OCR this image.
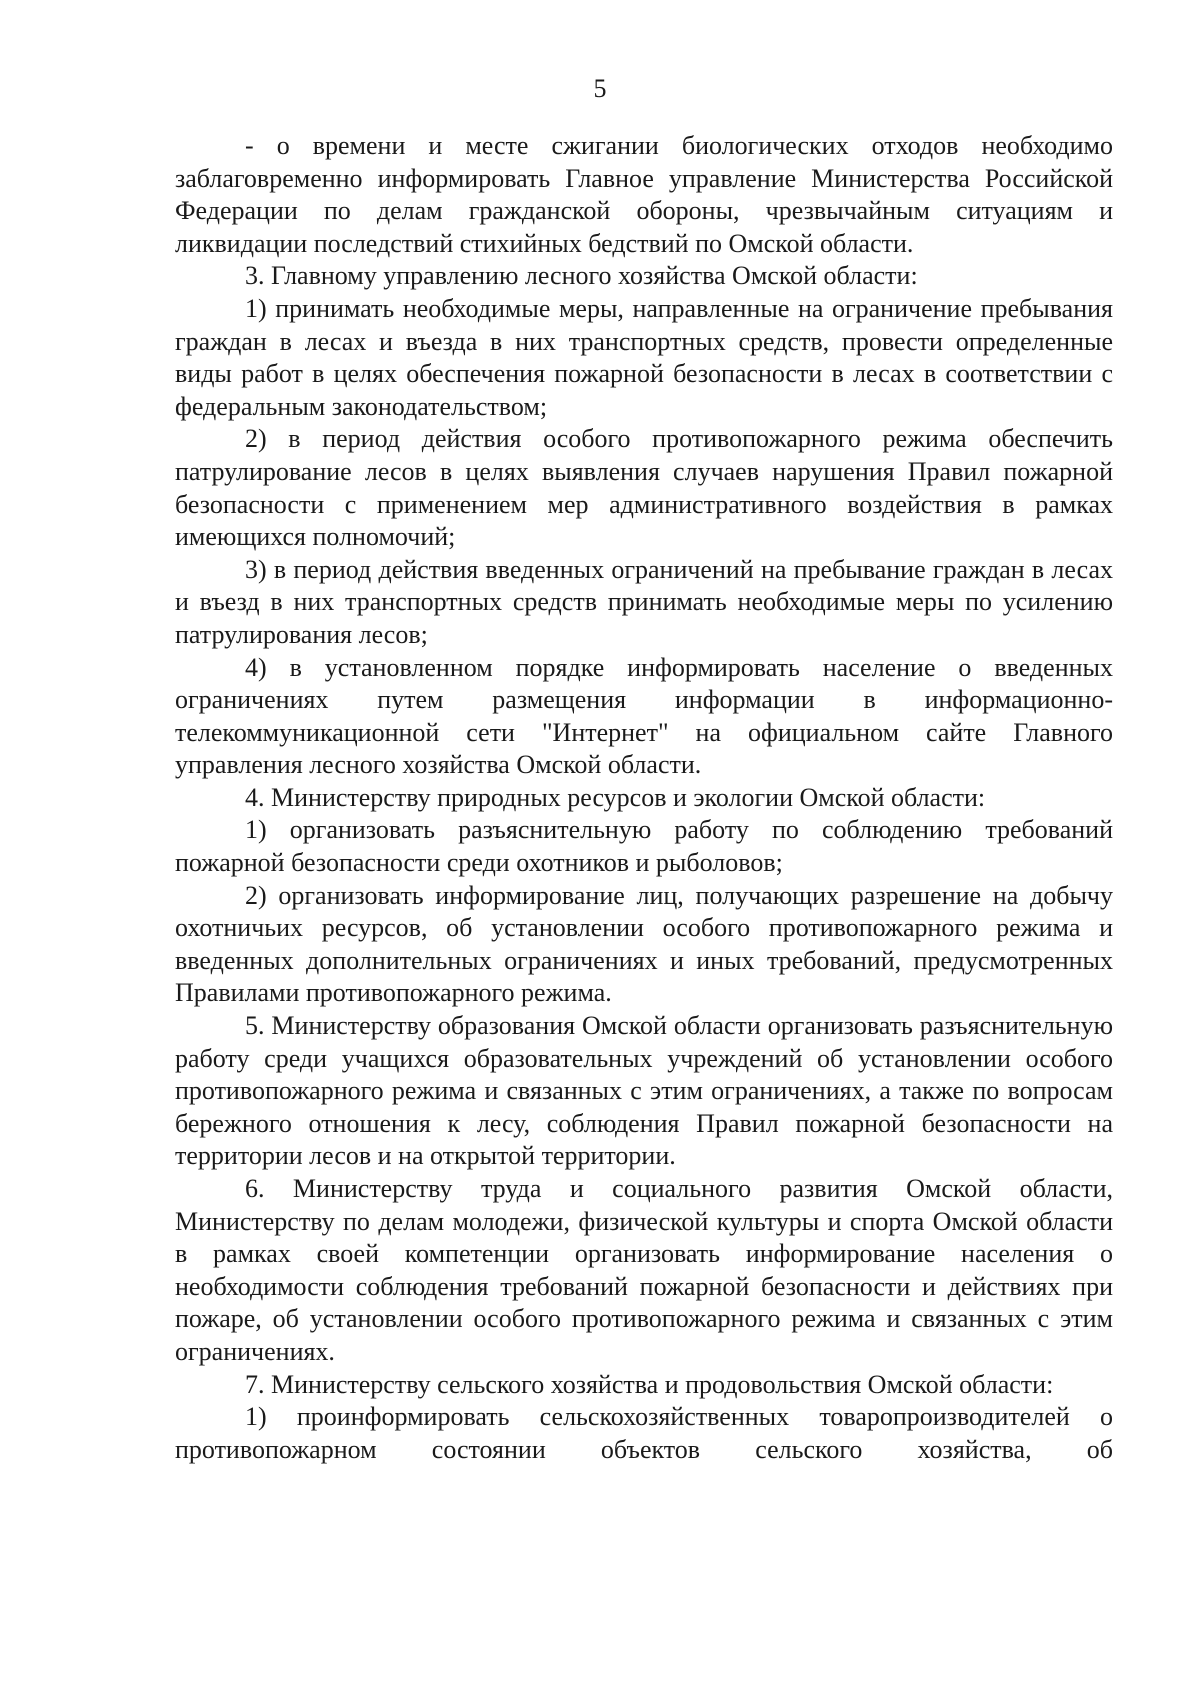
5

- о времени и месте сжигании биологических отходов необходимо заблаговременно информировать Главное управление Министерства Российской Федерации по делам гражданской обороны, чрезвычайным ситуациям и ликвидации последствий стихийных бедствий по Омской области.

3. Главному управлению лесного хозяйства Омской области:

1) принимать необходимые меры, направленные на ограничение пребывания граждан в лесах и въезда в них транспортных средств, провести определенные виды работ в целях обеспечения пожарной безопасности в лесах в соответствии с федеральным законодательством;

2) в период действия особого противопожарного режима обеспечить патрулирование лесов в целях выявления случаев нарушения Правил пожарной безопасности с применением мер административного воздействия в рамках имеющихся полномочий;

3) в период действия введенных ограничений на пребывание граждан в лесах и въезд в них транспортных средств принимать необходимые меры по усилению патрулирования лесов;

4) в установленном порядке информировать население о введенных ограничениях путем размещения информации в информационно-телекоммуникационной сети "Интернет" на официальном сайте Главного управления лесного хозяйства Омской области.

4. Министерству природных ресурсов и экологии Омской области:

1) организовать разъяснительную работу по соблюдению требований пожарной безопасности среди охотников и рыболовов;

2) организовать информирование лиц, получающих разрешение на добычу охотничьих ресурсов, об установлении особого противопожарного режима и введенных дополнительных ограничениях и иных требований, предусмотренных Правилами противопожарного режима.

5. Министерству образования Омской области организовать разъяснительную работу среди учащихся образовательных учреждений об установлении особого противопожарного режима и связанных с этим ограничениях, а также по вопросам бережного отношения к лесу, соблюдения Правил пожарной безопасности на территории лесов и на открытой территории.

6. Министерству труда и социального развития Омской области, Министерству по делам молодежи, физической культуры и спорта Омской области в рамках своей компетенции организовать информирование населения о необходимости соблюдения требований пожарной безопасности и действиях при пожаре, об установлении особого противопожарного режима и связанных с этим ограничениях.

7. Министерству сельского хозяйства и продовольствия Омской области:

1) проинформировать сельскохозяйственных товаропроизводителей о противопожарном состоянии объектов сельского хозяйства, об
